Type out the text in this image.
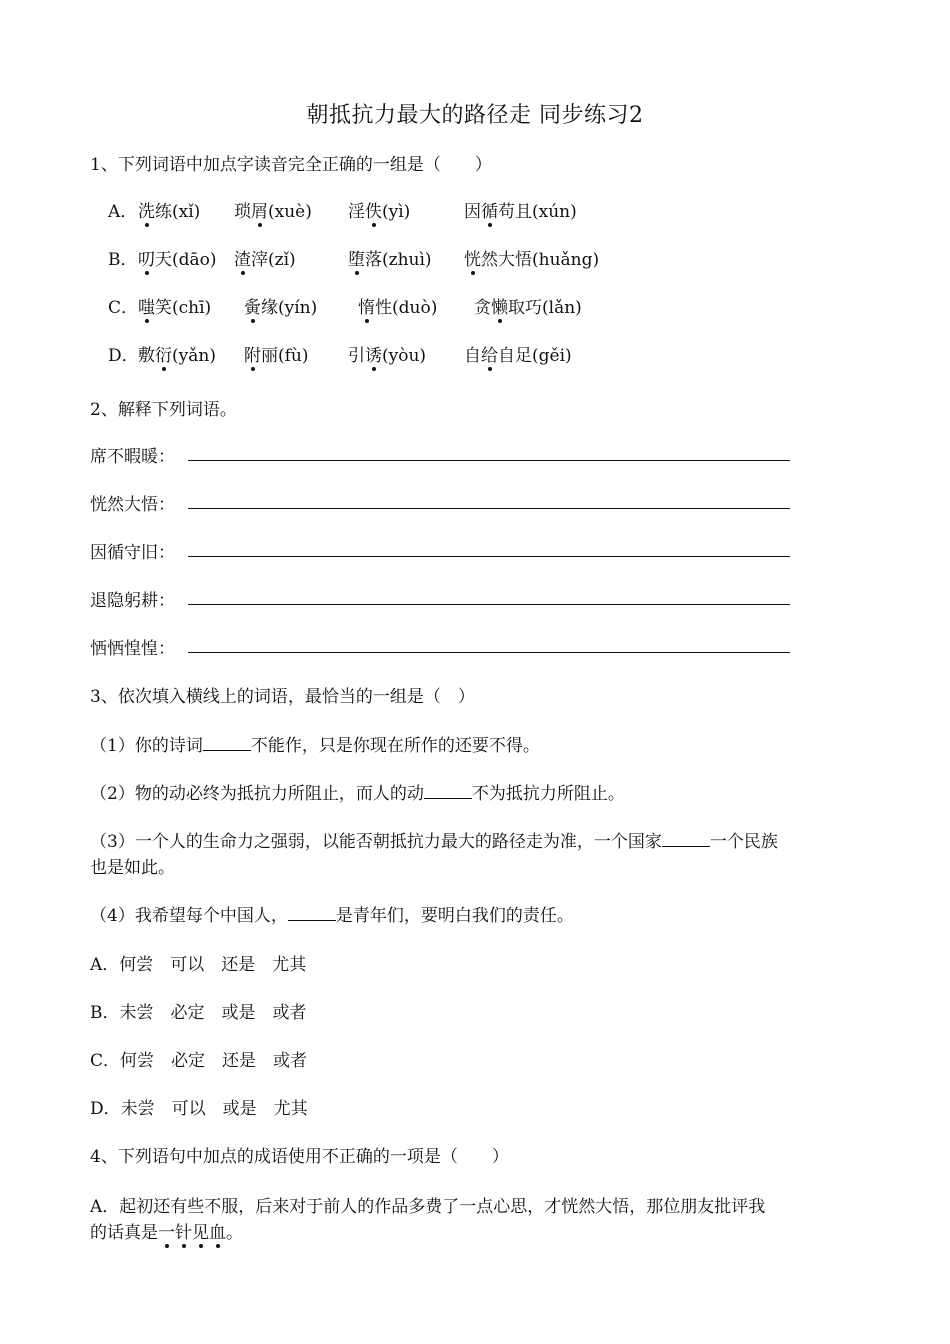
朝抵抗力最大的路径走 同步练习2
1、下列词语中加点字读音完全正确的一组是（　　）
A． 洗练(xǐ) 琐屑(xuè) 淫佚(yì)	因循苟且(xún)
B． 叨天(dāo) 渣滓(zǐ)	堕落(zhuì) 恍然大悟(huǎng)
C． 嗤笑(chī) 夤缘(yín) 惰性(duò) 贪懒取巧(lǎn)
D． 敷衍(yǎn) 附丽(fù) 引诱(yòu) 自给自足(gěi)
2、解释下列词语。
席不暇暖：
恍然大悟：
因循守旧：
退隐躬耕：
恓恓惶惶：
3、依次填入横线上的词语，最恰当的一组是（　）
（1）你的诗词	不能作，只是你现在所作的还要不得。
（2）物的动必终为抵抗力所阻止，而人的动	不为抵抗力所阻止。
（3）一个人的生命力之强弱，以能否朝抵抗力最大的路径走为准，一个国家	一个民族
也是如此。
（4）我希望每个中国人，	是青年们，要明白我们的责任。
A．何尝　可以　还是　尤其
B．未尝　必定　或是　或者
C．何尝　必定　还是　或者
D．未尝　可以　或是　尤其
4、下列语句中加点的成语使用不正确的一项是（　　）
A．起初还有些不服，后来对于前人的作品多费了一点心思，才恍然大悟，那位朋友批评我
的话真是一针见血。
